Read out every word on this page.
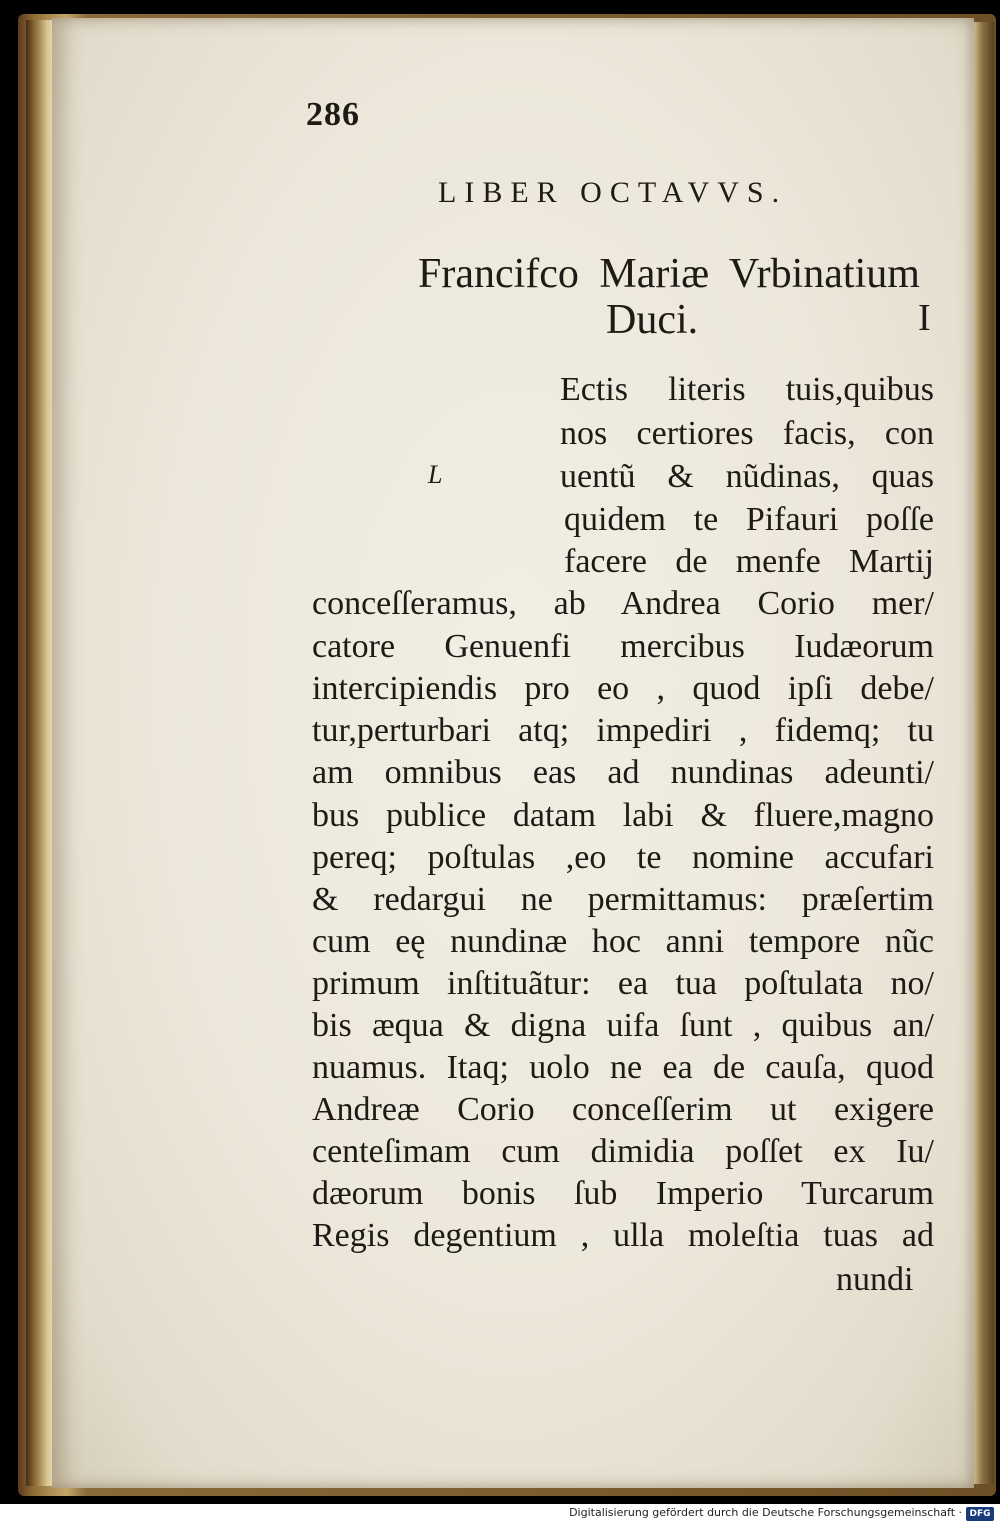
286
LIBER OCTAVVS.
Francifco Mariæ Vrbinatium
Duci.	I
L
Ectis literis tuis,quibus
nos certiores facis, con
uentũ & nũdinas, quas
quidem te Pifauri poſſe
facere de menfe Martij
conceſſeramus, ab Andrea Corio mer/
catore Genuenfi mercibus Iudæorum
intercipiendis pro eo , quod ipſi debe/
tur,perturbari atq; impediri , fidemq; tu
am omnibus eas ad nundinas adeunti/
bus publice datam labi & fluere,magno
pereq; poſtulas ,eo te nomine accufari
& redargui ne permittamus: præſertim
cum eę nundinæ hoc anni tempore nũc
primum inſtituãtur: ea tua poſtulata no/
bis æqua & digna uifa ſunt , quibus an/
nuamus. Itaq; uolo ne ea de cauſa, quod
Andreæ Corio conceſſerim ut exigere
centeſimam cum dimidia poſſet ex Iu/
dæorum bonis ſub Imperio Turcarum
Regis degentium , ulla moleſtia tuas ad
nundi
Digitalisierung gefördert durch die Deutsche Forschungsgemeinschaft · DFG
